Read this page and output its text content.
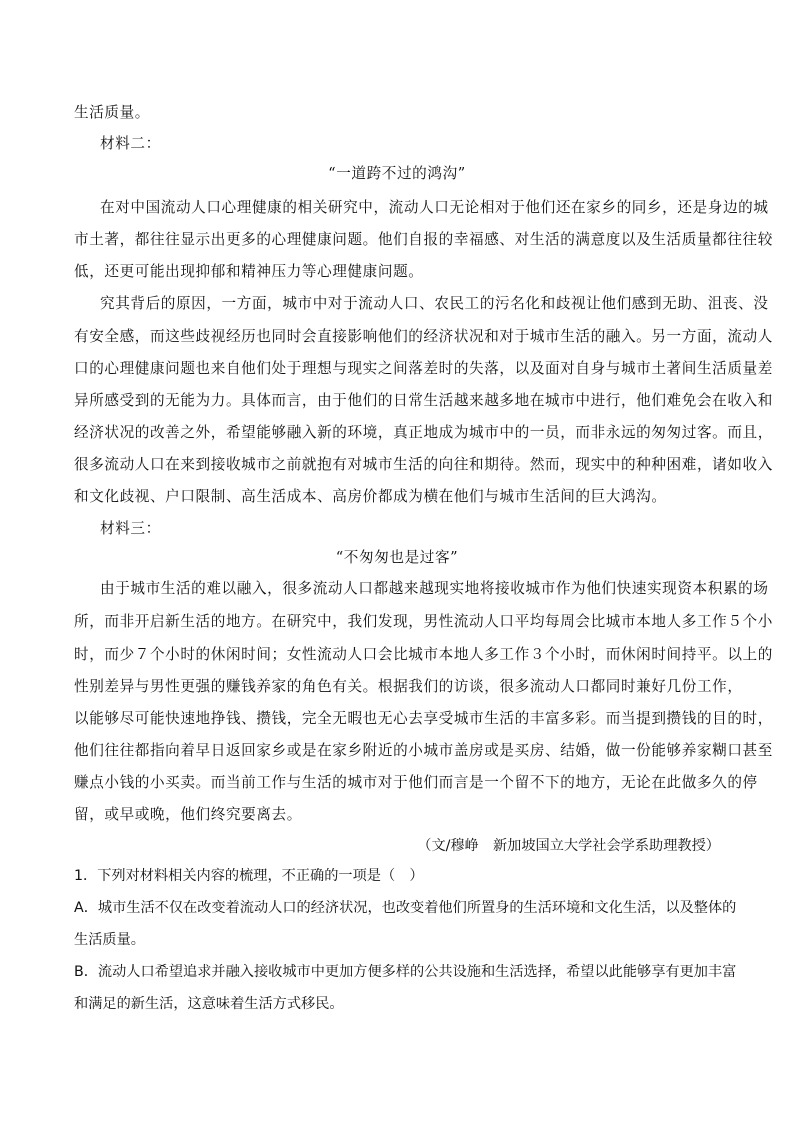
生活质量。
材料二：
“一道跨不过的鸿沟”
在对中国流动人口心理健康的相关研究中，流动人口无论相对于他们还在家乡的同乡，还是身边的城
市土著，都往往显示出更多的心理健康问题。他们自报的幸福感、对生活的满意度以及生活质量都往往较
低，还更可能出现抑郁和精神压力等心理健康问题。
究其背后的原因，一方面，城市中对于流动人口、农民工的污名化和歧视让他们感到无助、沮丧、没
有安全感，而这些歧视经历也同时会直接影响他们的经济状况和对于城市生活的融入。另一方面，流动人
口的心理健康问题也来自他们处于理想与现实之间落差时的失落，以及面对自身与城市土著间生活质量差
异所感受到的无能为力。具体而言，由于他们的日常生活越来越多地在城市中进行，他们难免会在收入和
经济状况的改善之外，希望能够融入新的环境，真正地成为城市中的一员，而非永远的匆匆过客。而且，
很多流动人口在来到接收城市之前就抱有对城市生活的向往和期待。然而，现实中的种种困难，诸如收入
和文化歧视、户口限制、高生活成本、高房价都成为横在他们与城市生活间的巨大鸿沟。
材料三：
“不匆匆也是过客”
由于城市生活的难以融入，很多流动人口都越来越现实地将接收城市作为他们快速实现资本积累的场
所，而非开启新生活的地方。在研究中，我们发现，男性流动人口平均每周会比城市本地人多工作５个小
时，而少７个小时的休闲时间；女性流动人口会比城市本地人多工作３个小时，而休闲时间持平。以上的
性别差异与男性更强的赚钱养家的角色有关。根据我们的访谈，很多流动人口都同时兼好几份工作，
以能够尽可能快速地挣钱、攒钱，完全无暇也无心去享受城市生活的丰富多彩。而当提到攒钱的目的时，
他们往往都指向着早日返回家乡或是在家乡附近的小城市盖房或是买房、结婚，做一份能够养家糊口甚至
赚点小钱的小买卖。而当前工作与生活的城市对于他们而言是一个留不下的地方，无论在此做多久的停
留，或早或晚，他们终究要离去。
（文/穆峥　新加坡国立大学社会学系助理教授）
1．下列对材料相关内容的梳理，不正确的一项是（　）
A．城市生活不仅在改变着流动人口的经济状况，也改变着他们所置身的生活环境和文化生活，以及整体的
生活质量。
B．流动人口希望追求并融入接收城市中更加方便多样的公共设施和生活选择，希望以此能够享有更加丰富
和满足的新生活，这意味着生活方式移民。
